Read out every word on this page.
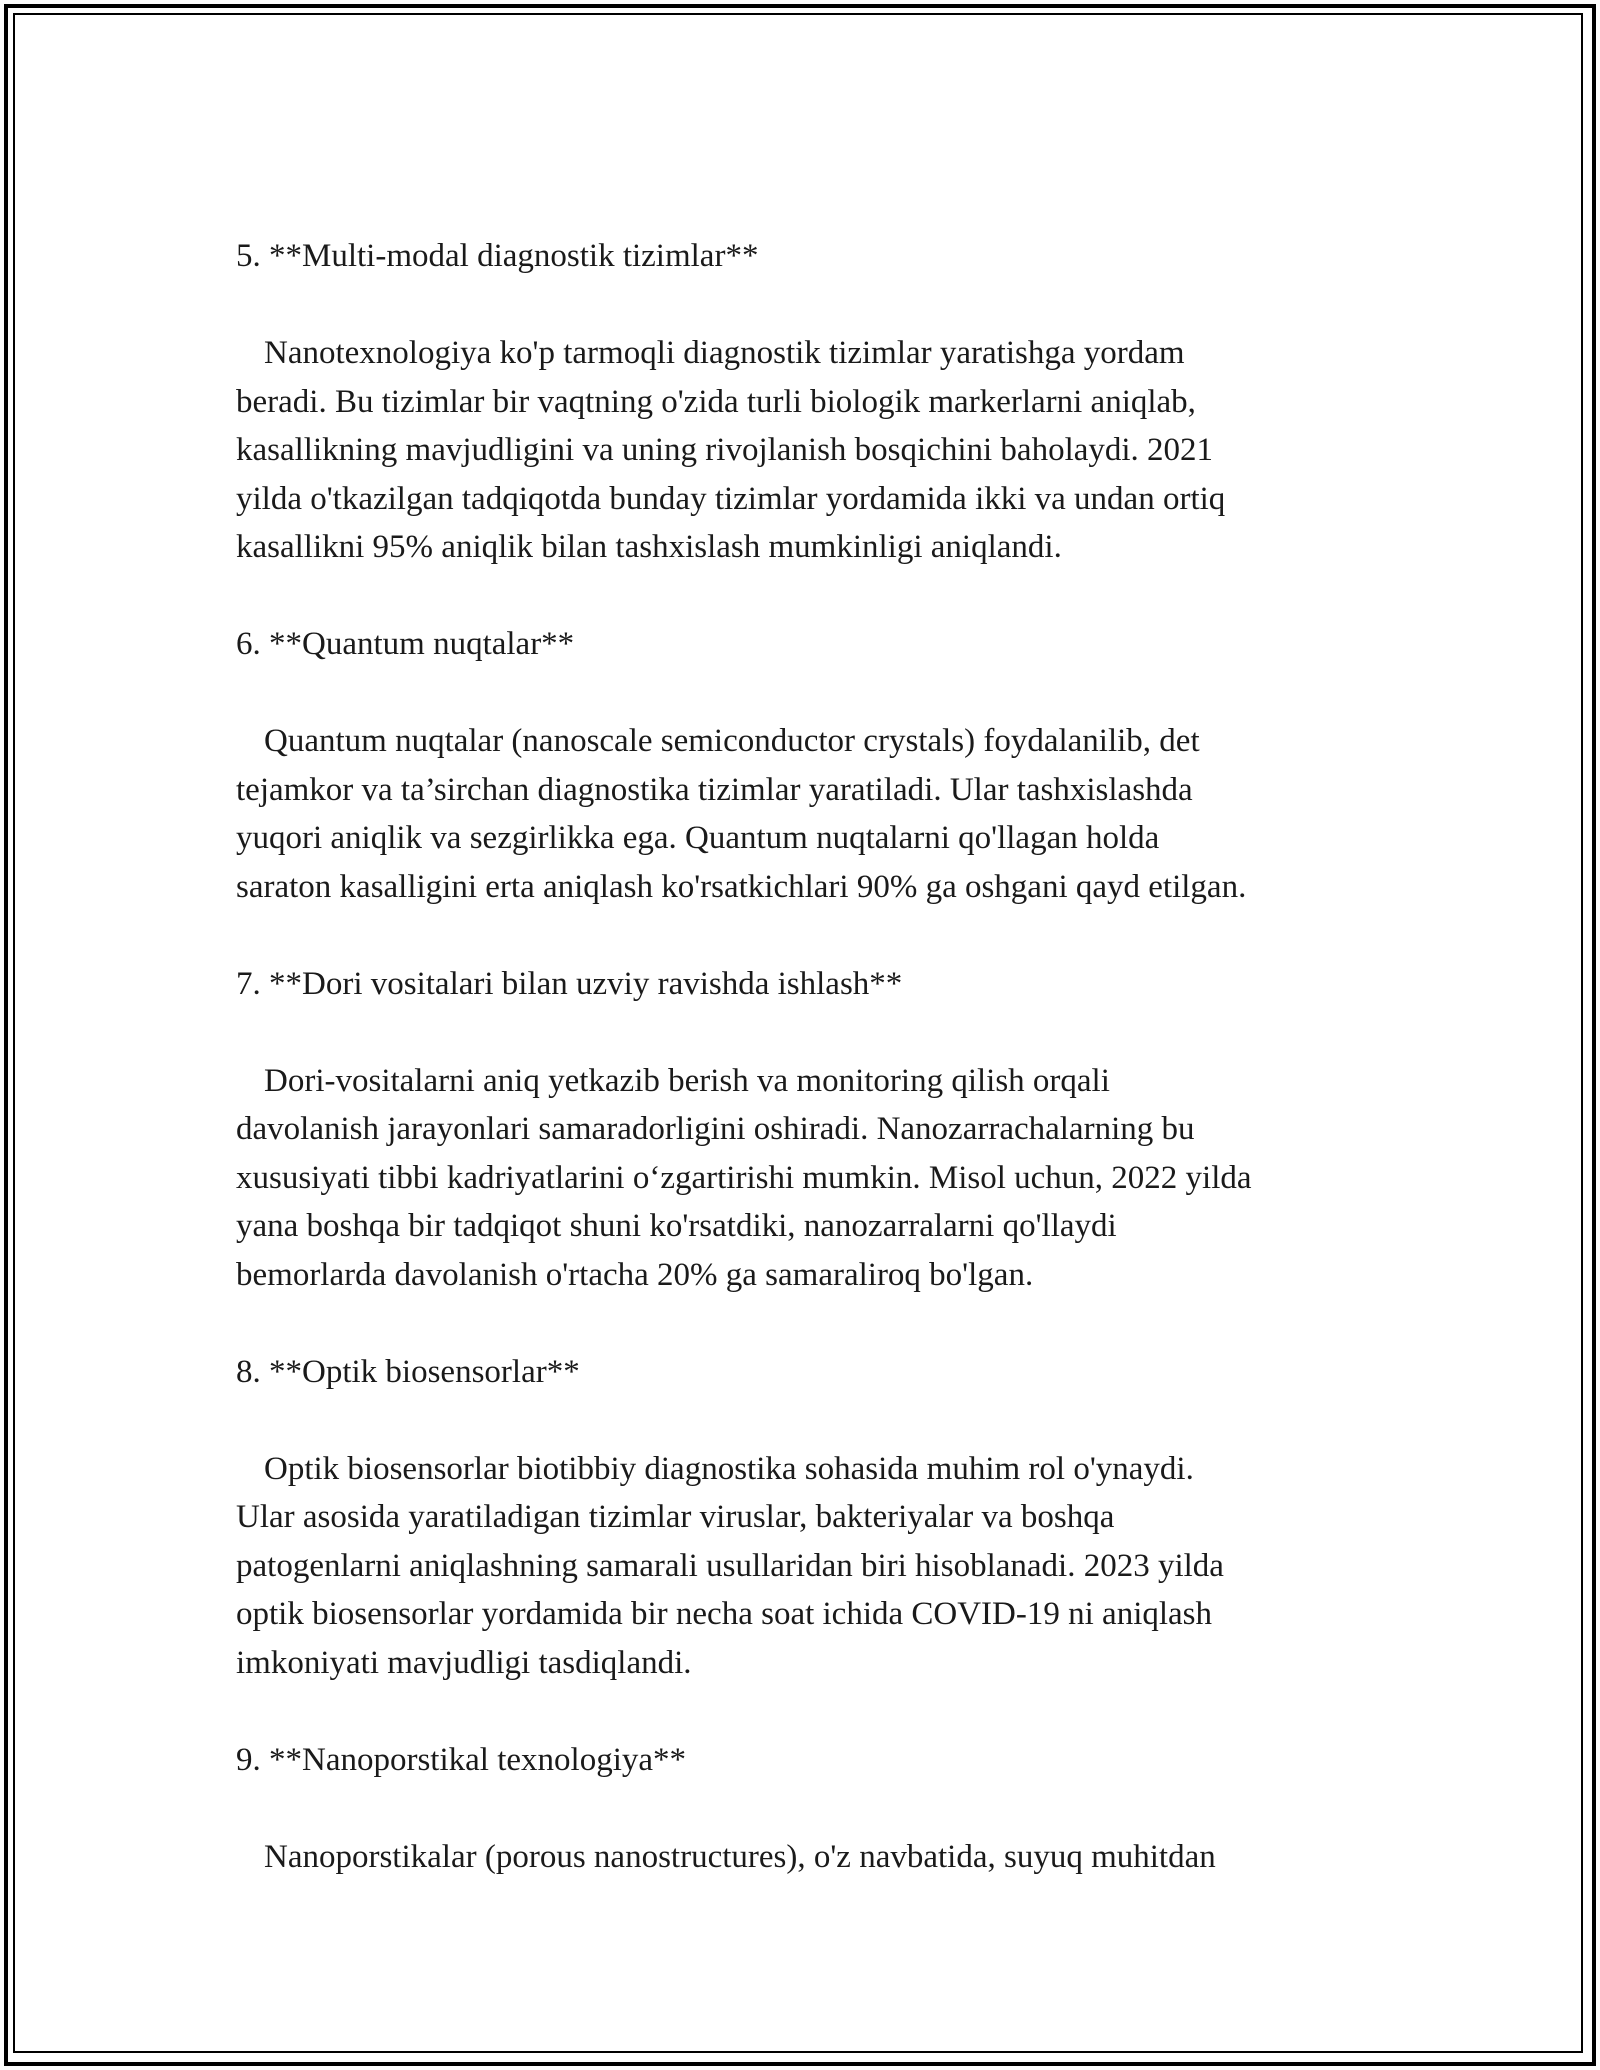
5. **Multi-modal diagnostik tizimlar**

Nanotexnologiya ko'p tarmoqli diagnostik tizimlar yaratishga yordam
beradi. Bu tizimlar bir vaqtning o'zida turli biologik markerlarni aniqlab,
kasallikning mavjudligini va uning rivojlanish bosqichini baholaydi. 2021
yilda o'tkazilgan tadqiqotda bunday tizimlar yordamida ikki va undan ortiq
kasallikni 95% aniqlik bilan tashxislash mumkinligi aniqlandi.

6. **Quantum nuqtalar**

Quantum nuqtalar (nanoscale semiconductor crystals) foydalanilib, det
tejamkor va ta’sirchan diagnostika tizimlar yaratiladi. Ular tashxislashda
yuqori aniqlik va sezgirlikka ega. Quantum nuqtalarni qo'llagan holda
saraton kasalligini erta aniqlash ko'rsatkichlari 90% ga oshgani qayd etilgan.

7. **Dori vositalari bilan uzviy ravishda ishlash**

Dori-vositalarni aniq yetkazib berish va monitoring qilish orqali
davolanish jarayonlari samaradorligini oshiradi. Nanozarrachalarning bu
xususiyati tibbi kadriyatlarini o‘zgartirishi mumkin. Misol uchun, 2022 yilda
yana boshqa bir tadqiqot shuni ko'rsatdiki, nanozarralarni qo'llaydi
bemorlarda davolanish o'rtacha 20% ga samaraliroq bo'lgan.

8. **Optik biosensorlar**

Optik biosensorlar biotibbiy diagnostika sohasida muhim rol o'ynaydi.
Ular asosida yaratiladigan tizimlar viruslar, bakteriyalar va boshqa
patogenlarni aniqlashning samarali usullaridan biri hisoblanadi. 2023 yilda
optik biosensorlar yordamida bir necha soat ichida COVID-19 ni aniqlash
imkoniyati mavjudligi tasdiqlandi.

9. **Nanoporstikal texnologiya**

Nanoporstikalar (porous nanostructures), o'z navbatida, suyuq muhitdan
